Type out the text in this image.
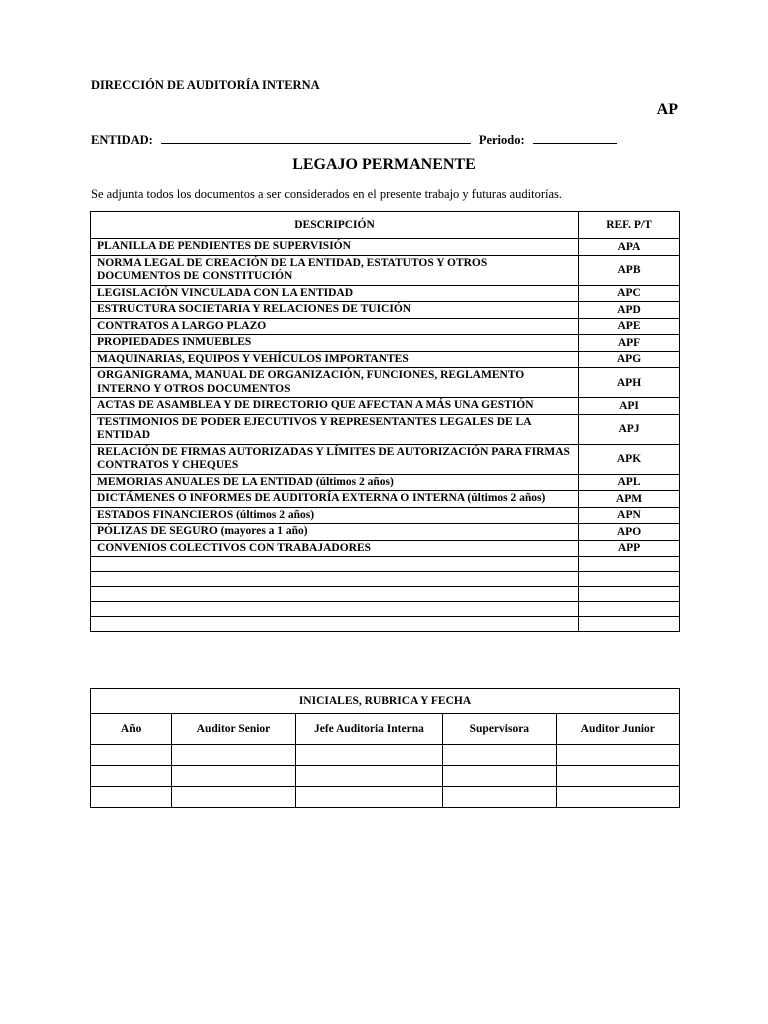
DIRECCIÓN DE AUDITORÍA INTERNA
AP
ENTIDAD:	Periodo:
LEGAJO PERMANENTE
Se adjunta todos los documentos a ser considerados en el presente trabajo y futuras auditorías.
DESCRIPCIÓN	REF. P/T
PLANILLA DE PENDIENTES DE SUPERVISIÓN	APA
NORMA LEGAL DE CREACIÓN DE LA ENTIDAD, ESTATUTOS Y OTROS DOCUMENTOS DE CONSTITUCIÓN	APB
LEGISLACIÓN VINCULADA CON LA ENTIDAD	APC
ESTRUCTURA SOCIETARIA Y RELACIONES DE TUICIÓN	APD
CONTRATOS A LARGO PLAZO	APE
PROPIEDADES INMUEBLES	APF
MAQUINARIAS, EQUIPOS Y VEHÍCULOS IMPORTANTES	APG
ORGANIGRAMA, MANUAL DE ORGANIZACIÓN, FUNCIONES, REGLAMENTO INTERNO Y OTROS DOCUMENTOS	APH
ACTAS DE ASAMBLEA Y DE DIRECTORIO QUE AFECTAN A MÁS UNA GESTIÓN	API
TESTIMONIOS DE PODER EJECUTIVOS Y REPRESENTANTES LEGALES DE LA ENTIDAD	APJ
RELACIÓN DE FIRMAS AUTORIZADAS Y LÍMITES DE AUTORIZACIÓN PARA FIRMAS CONTRATOS Y CHEQUES	APK
MEMORIAS ANUALES DE LA ENTIDAD (últimos 2 años)	APL
DICTÁMENES O INFORMES DE AUDITORÍA EXTERNA O INTERNA (últimos 2 años)	APM
ESTADOS FINANCIEROS (últimos 2 años)	APN
PÓLIZAS DE SEGURO (mayores a 1 año)	APO
CONVENIOS COLECTIVOS CON TRABAJADORES	APP

INICIALES, RUBRICA Y FECHA				
Año	Auditor Senior	Jefe Auditoria Interna	Supervisora	Auditor Junior
